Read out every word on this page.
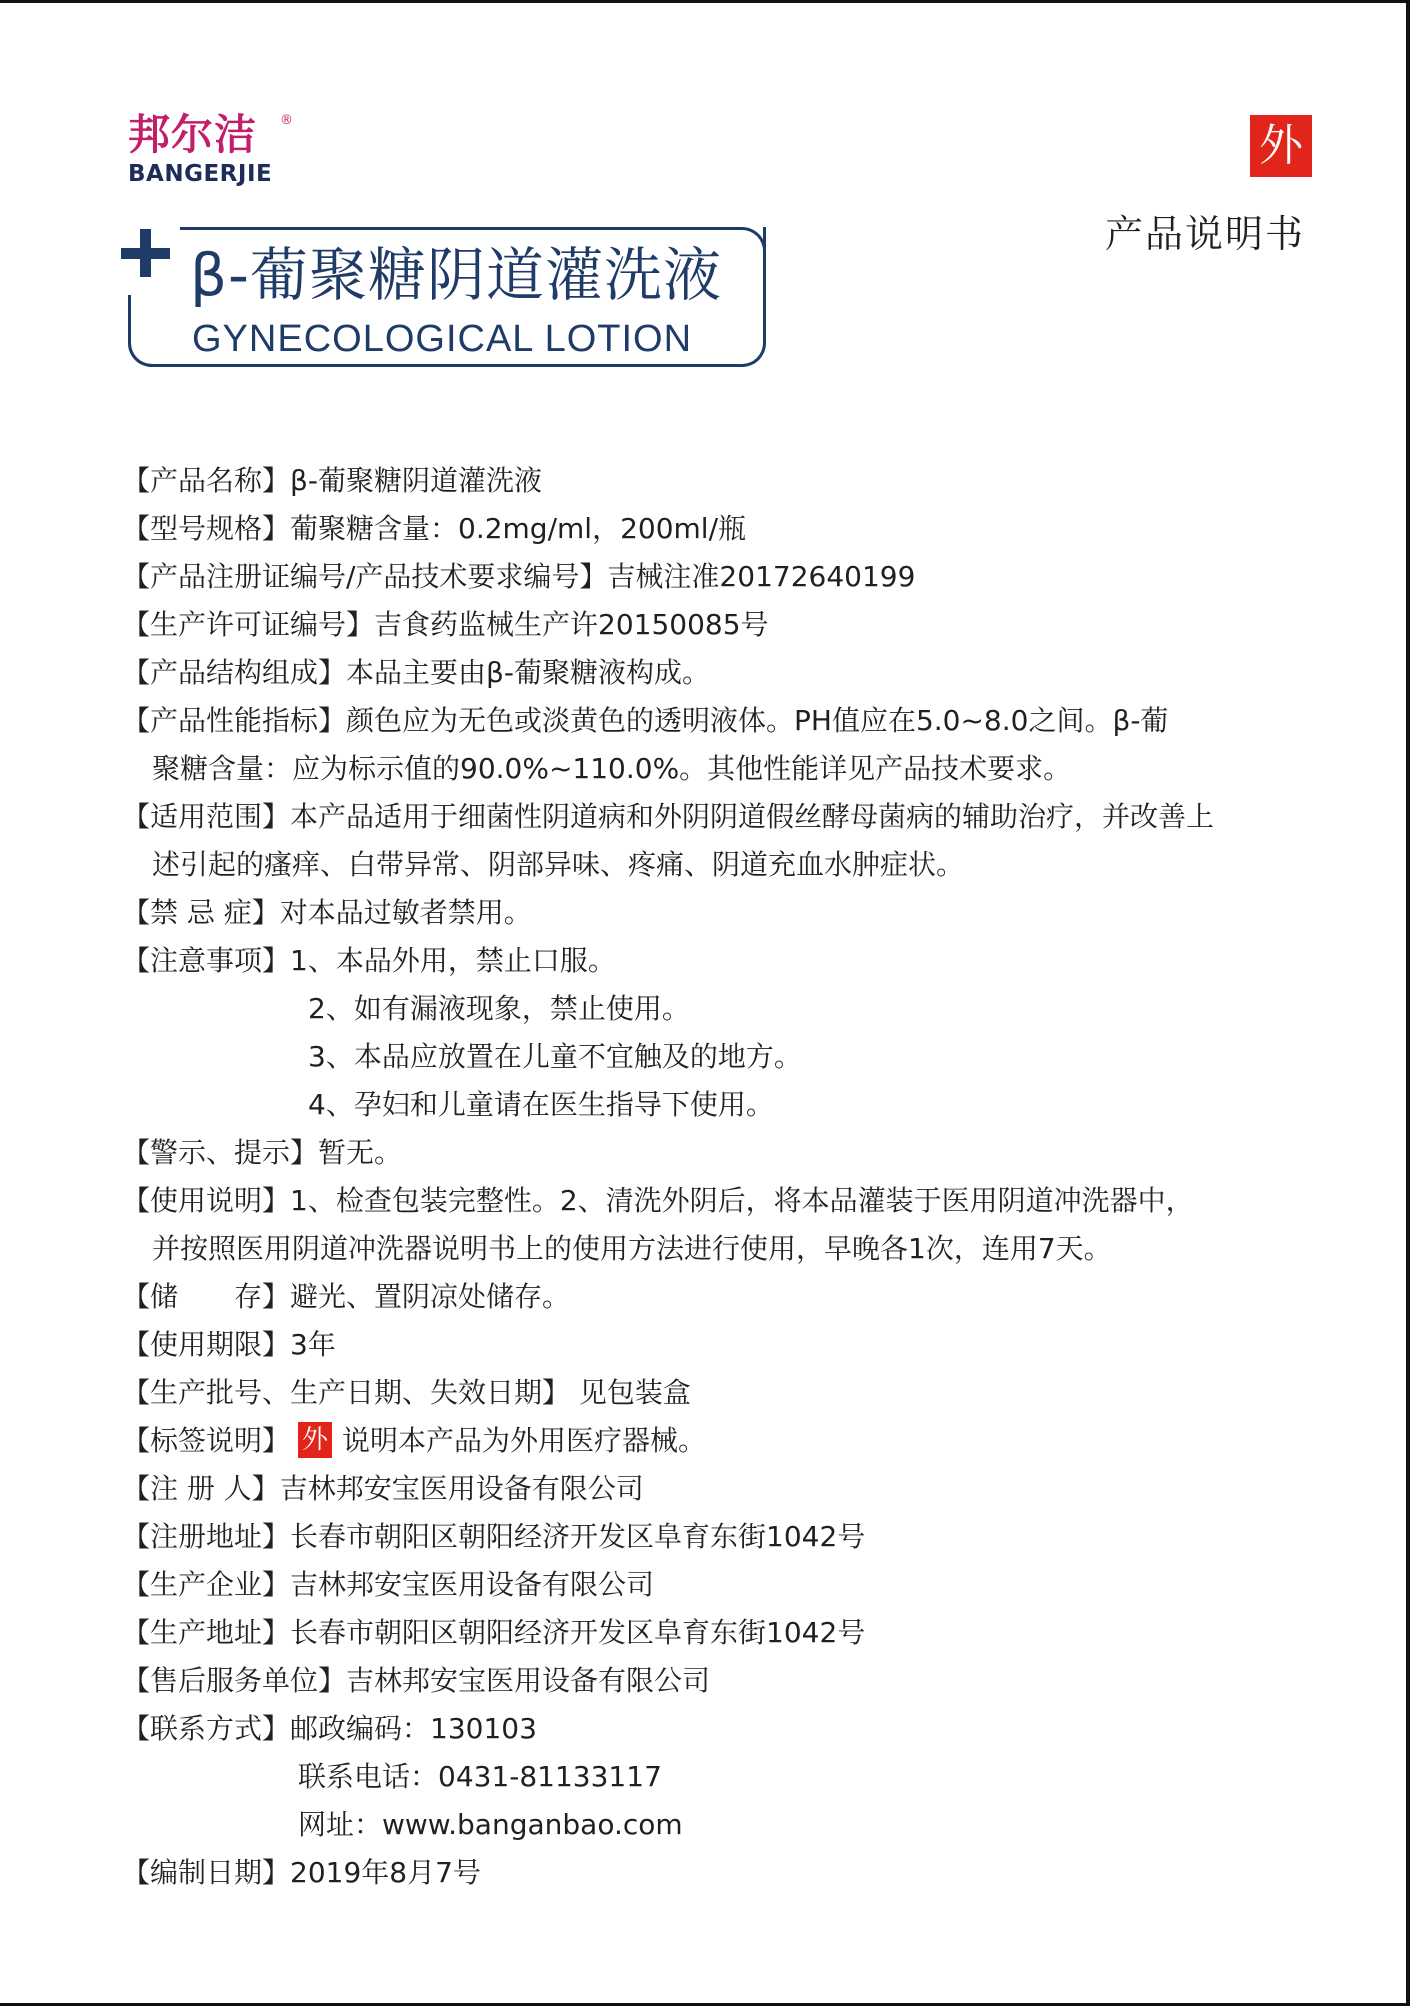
邦尔洁 ®
BANGERJIE
外
产品说明书
β-葡聚糖阴道灌洗液
GYNECOLOGICAL LOTION
【产品名称】β-葡聚糖阴道灌洗液
【型号规格】葡聚糖含量：0.2mg/ml，200ml/瓶
【产品注册证编号/产品技术要求编号】吉械注准20172640199
【生产许可证编号】吉食药监械生产许20150085号
【产品结构组成】本品主要由β-葡聚糖液构成。
【产品性能指标】颜色应为无色或淡黄色的透明液体。PH值应在5.0~8.0之间。β-葡
聚糖含量：应为标示值的90.0%~110.0%。其他性能详见产品技术要求。
【适用范围】本产品适用于细菌性阴道病和外阴阴道假丝酵母菌病的辅助治疗，并改善上
述引起的瘙痒、白带异常、阴部异味、疼痛、阴道充血水肿症状。
【禁 忌 症】对本品过敏者禁用。
【注意事项】1、本品外用，禁止口服。
2、如有漏液现象，禁止使用。
3、本品应放置在儿童不宜触及的地方。
4、孕妇和儿童请在医生指导下使用。
【警示、提示】暂无。
【使用说明】1、检查包装完整性。2、清洗外阴后，将本品灌装于医用阴道冲洗器中，
并按照医用阴道冲洗器说明书上的使用方法进行使用，早晚各1次，连用7天。
【储　　存】避光、置阴凉处储存。
【使用期限】3年
【生产批号、生产日期、失效日期】 见包装盒
【标签说明】 外 说明本产品为外用医疗器械。
【注 册 人】吉林邦安宝医用设备有限公司
【注册地址】长春市朝阳区朝阳经济开发区阜育东街1042号
【生产企业】吉林邦安宝医用设备有限公司
【生产地址】长春市朝阳区朝阳经济开发区阜育东街1042号
【售后服务单位】吉林邦安宝医用设备有限公司
【联系方式】邮政编码：130103
联系电话：0431-81133117
网址：www.banganbao.com
【编制日期】2019年8月7号
